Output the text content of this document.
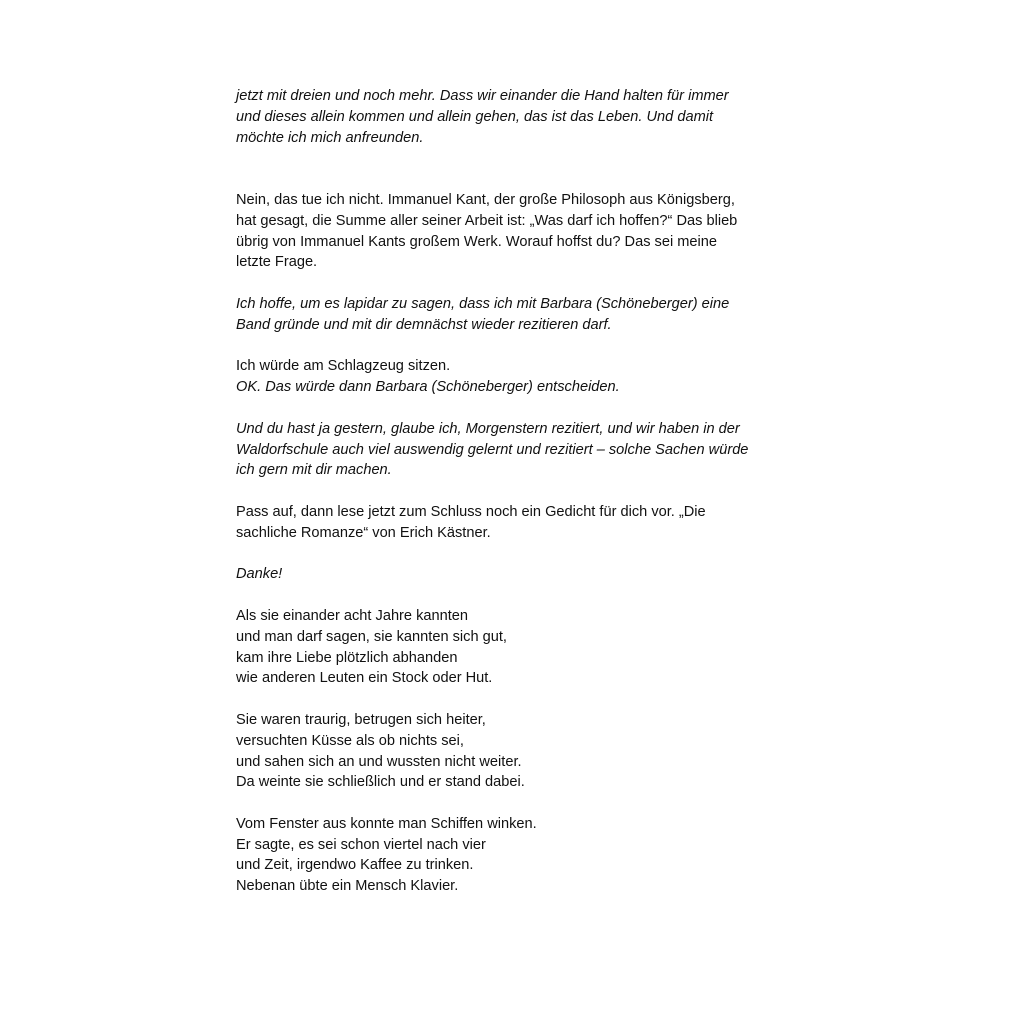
jetzt mit dreien und noch mehr. Dass wir einander die Hand halten für immer
und dieses allein kommen und allein gehen, das ist das Leben. Und damit
möchte ich mich anfreunden.
Nein, das tue ich nicht. Immanuel Kant, der große Philosoph aus Königsberg,
hat gesagt, die Summe aller seiner Arbeit ist: „Was darf ich hoffen?“ Das blieb
übrig von Immanuel Kants großem Werk. Worauf hoffst du? Das sei meine
letzte Frage.
Ich hoffe, um es lapidar zu sagen, dass ich mit Barbara (Schöneberger) eine
Band gründe und mit dir demnächst wieder rezitieren darf.
Ich würde am Schlagzeug sitzen.
OK. Das würde dann Barbara (Schöneberger) entscheiden.
Und du hast ja gestern, glaube ich, Morgenstern rezitiert, und wir haben in der
Waldorfschule auch viel auswendig gelernt und rezitiert – solche Sachen würde
ich gern mit dir machen.
Pass auf, dann lese jetzt zum Schluss noch ein Gedicht für dich vor. „Die
sachliche Romanze“ von Erich Kästner.
Danke!
Als sie einander acht Jahre kannten
und man darf sagen, sie kannten sich gut,
kam ihre Liebe plötzlich abhanden
wie anderen Leuten ein Stock oder Hut.
Sie waren traurig, betrugen sich heiter,
versuchten Küsse als ob nichts sei,
und sahen sich an und wussten nicht weiter.
Da weinte sie schließlich und er stand dabei.
Vom Fenster aus konnte man Schiffen winken.
Er sagte, es sei schon viertel nach vier
und Zeit, irgendwo Kaffee zu trinken.
Nebenan übte ein Mensch Klavier.
